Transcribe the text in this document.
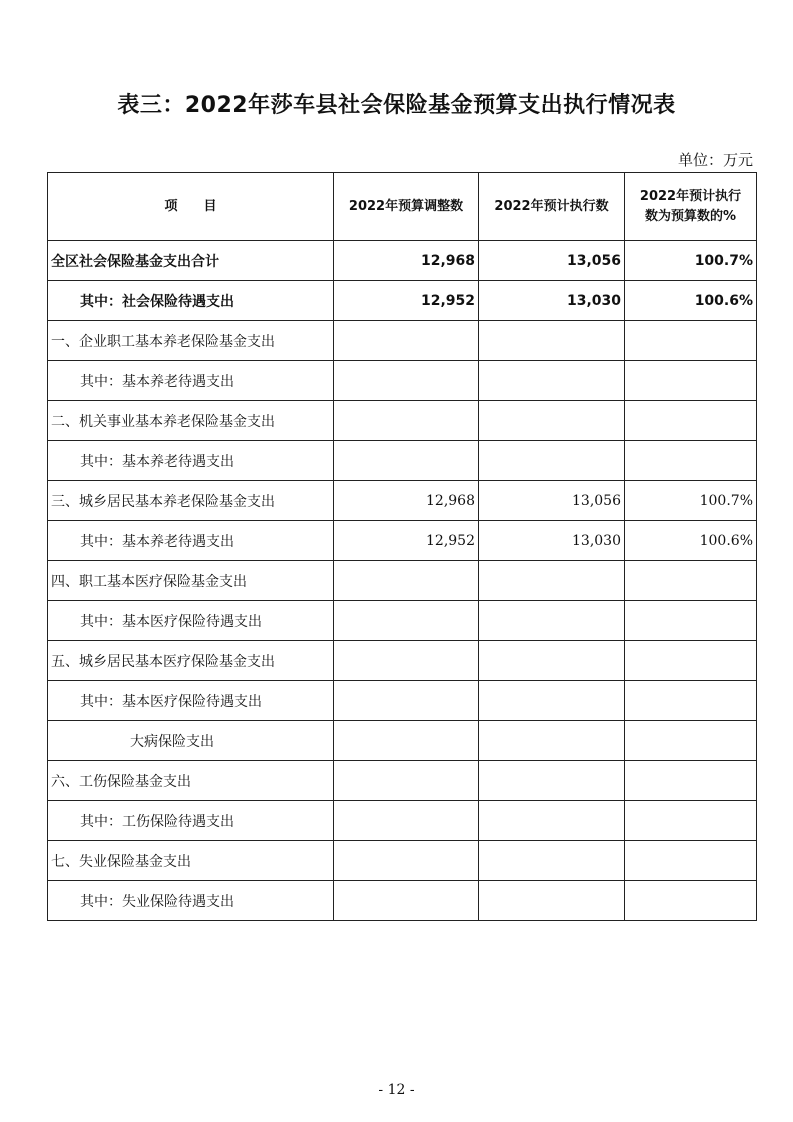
表三：2022年莎车县社会保险基金预算支出执行情况表
单位：万元
项　　目	2022年预算调整数	2022年预计执行数	2022年预计执行
数为预算数的%

全区社会保险基金支出合计	12,968	13,056	100.7%
其中：社会保险待遇支出	12,952	13,030	100.6%
一、企业职工基本养老保险基金支出			
其中：基本养老待遇支出			
二、机关事业基本养老保险基金支出			
其中：基本养老待遇支出			
三、城乡居民基本养老保险基金支出	12,968	13,056	100.7%
其中：基本养老待遇支出	12,952	13,030	100.6%
四、职工基本医疗保险基金支出			
其中：基本医疗保险待遇支出			
五、城乡居民基本医疗保险基金支出			
其中：基本医疗保险待遇支出			
大病保险支出			
六、工伤保险基金支出			
其中：工伤保险待遇支出			
七、失业保险基金支出			
其中：失业保险待遇支出			
- 12 -
